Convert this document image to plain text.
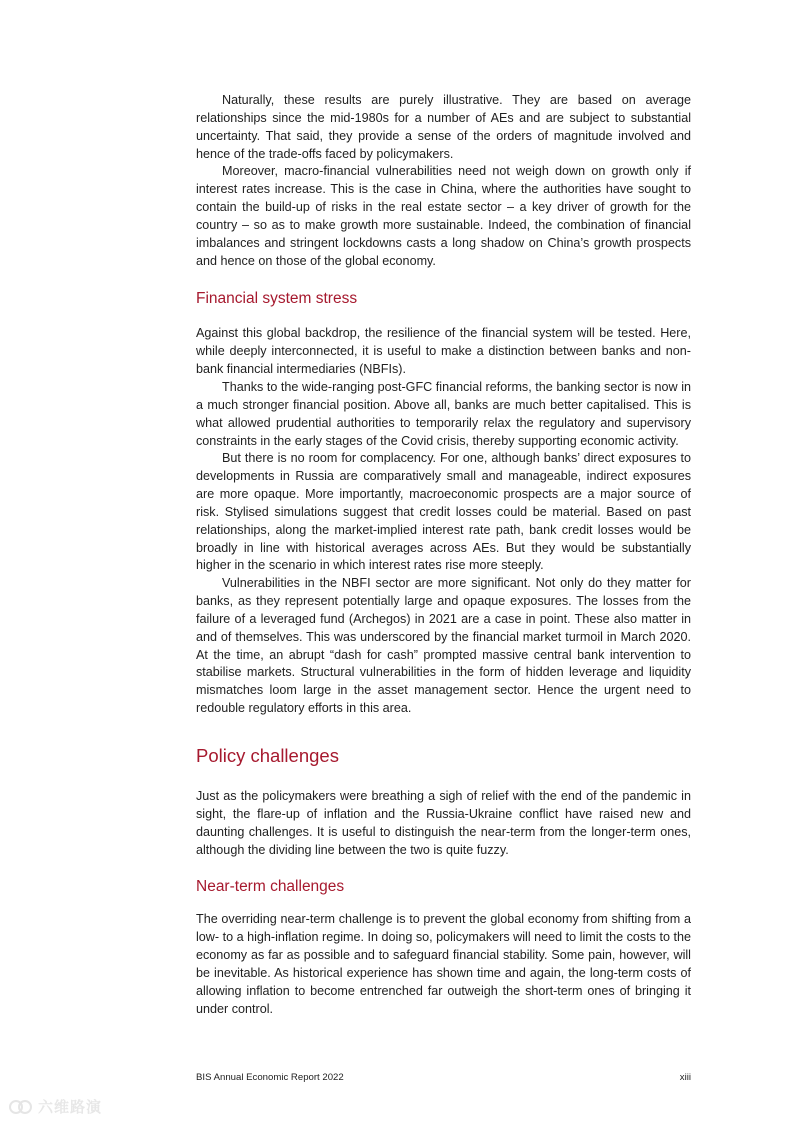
Naturally, these results are purely illustrative. They are based on average relationships since the mid-1980s for a number of AEs and are subject to substantial uncertainty. That said, they provide a sense of the orders of magnitude involved and hence of the trade-offs faced by policymakers.

Moreover, macro-financial vulnerabilities need not weigh down on growth only if interest rates increase. This is the case in China, where the authorities have sought to contain the build-up of risks in the real estate sector – a key driver of growth for the country – so as to make growth more sustainable. Indeed, the combination of financial imbalances and stringent lockdowns casts a long shadow on China’s growth prospects and hence on those of the global economy.

Financial system stress

Against this global backdrop, the resilience of the financial system will be tested. Here, while deeply interconnected, it is useful to make a distinction between banks and non-bank financial intermediaries (NBFIs).

Thanks to the wide-ranging post-GFC financial reforms, the banking sector is now in a much stronger financial position. Above all, banks are much better capitalised. This is what allowed prudential authorities to temporarily relax the regulatory and supervisory constraints in the early stages of the Covid crisis, thereby supporting economic activity.

But there is no room for complacency. For one, although banks’ direct exposures to developments in Russia are comparatively small and manageable, indirect exposures are more opaque. More importantly, macroeconomic prospects are a major source of risk. Stylised simulations suggest that credit losses could be material. Based on past relationships, along the market-implied interest rate path, bank credit losses would be broadly in line with historical averages across AEs. But they would be substantially higher in the scenario in which interest rates rise more steeply.

Vulnerabilities in the NBFI sector are more significant. Not only do they matter for banks, as they represent potentially large and opaque exposures. The losses from the failure of a leveraged fund (Archegos) in 2021 are a case in point. These also matter in and of themselves. This was underscored by the financial market turmoil in March 2020. At the time, an abrupt “dash for cash” prompted massive central bank intervention to stabilise markets. Structural vulnerabilities in the form of hidden leverage and liquidity mismatches loom large in the asset management sector. Hence the urgent need to redouble regulatory efforts in this area.

Policy challenges

Just as the policymakers were breathing a sigh of relief with the end of the pandemic in sight, the flare-up of inflation and the Russia-Ukraine conflict have raised new and daunting challenges. It is useful to distinguish the near-term from the longer-term ones, although the dividing line between the two is quite fuzzy.

Near-term challenges

The overriding near-term challenge is to prevent the global economy from shifting from a low- to a high-inflation regime. In doing so, policymakers will need to limit the costs to the economy as far as possible and to safeguard financial stability. Some pain, however, will be inevitable. As historical experience has shown time and again, the long-term costs of allowing inflation to become entrenched far outweigh the short-term ones of bringing it under control.

BIS Annual Economic Report 2022	xiii
六维路演
